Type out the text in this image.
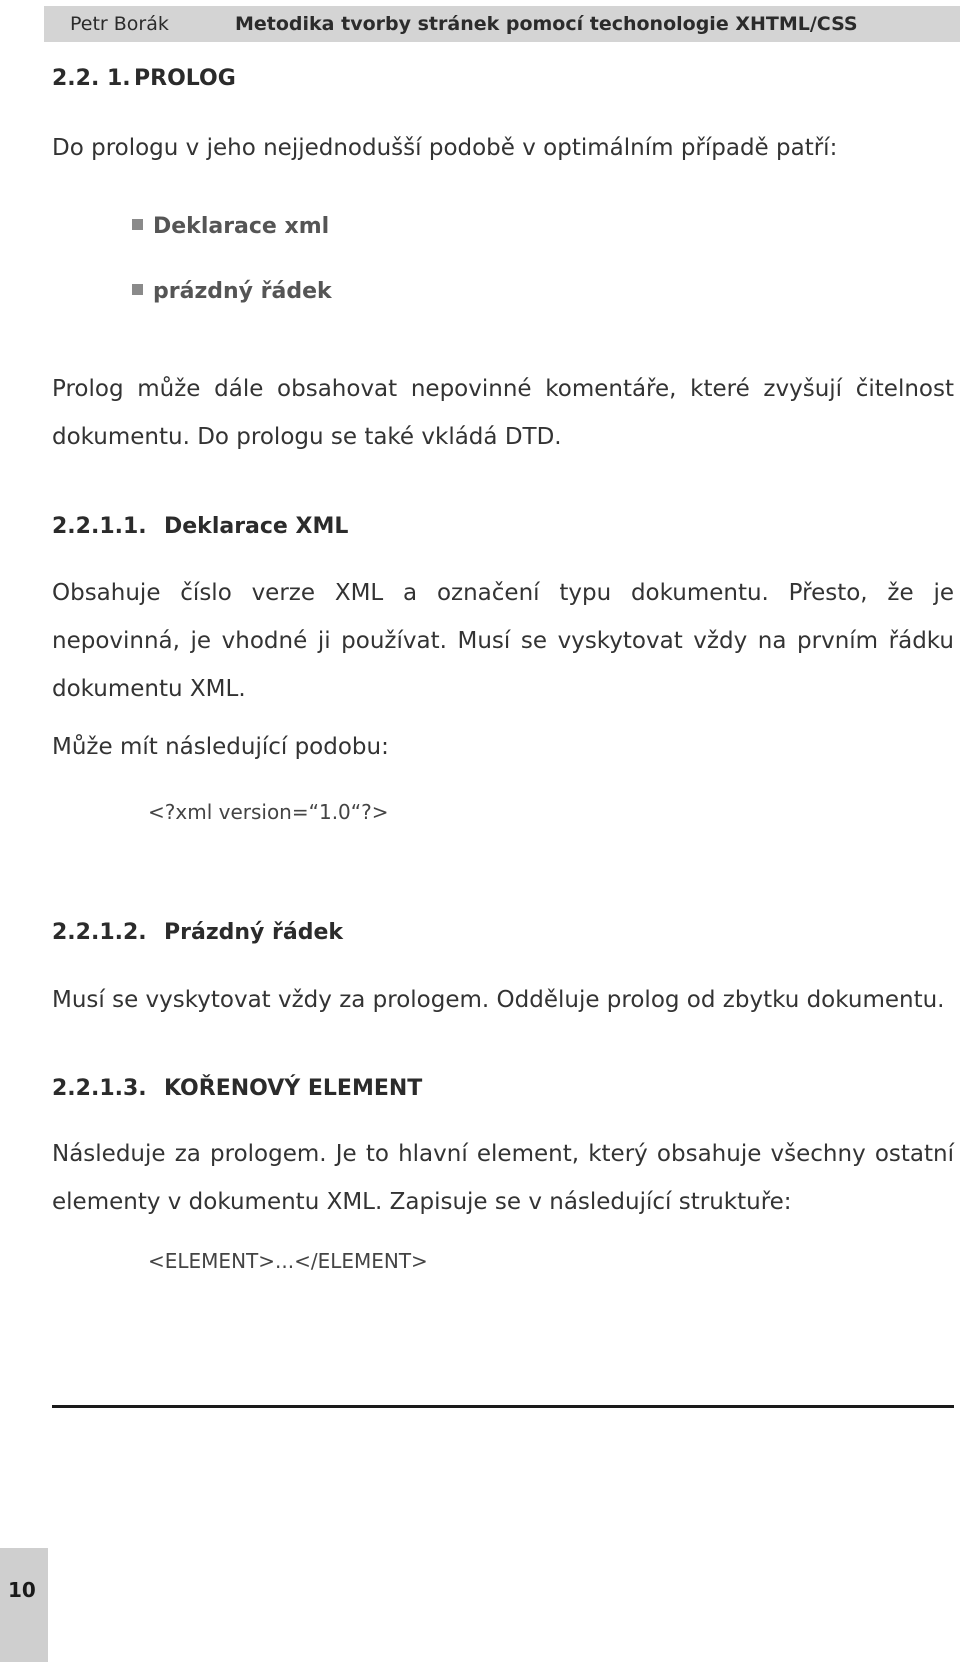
Petr Borák	Metodika tvorby stránek pomocí techonologie XHTML/CSS
2.2. 1. PROLOG
Do prologu v jeho nejjednodušší podobě v optimálním případě patří:
Deklarace xml
prázdný řádek
Prolog může dále obsahovat nepovinné komentáře, které zvyšují čitelnost dokumentu. Do prologu se také vkládá DTD.
2.2.1.1. Deklarace XML
Obsahuje číslo verze XML a označení typu dokumentu. Přesto, že je nepovinná, je vhodné ji používat. Musí se vyskytovat vždy na prvním řádku dokumentu XML.
Může mít následující podobu:
<?xml version=“1.0“?>
2.2.1.2. Prázdný řádek
Musí se vyskytovat vždy za prologem. Odděluje prolog od zbytku dokumentu.
2.2.1.3. KOŘENOVÝ ELEMENT
Následuje za prologem. Je to hlavní element, který obsahuje všechny ostatní elementy v dokumentu XML. Zapisuje se v následující struktuře:
<ELEMENT>...</ELEMENT>
10
